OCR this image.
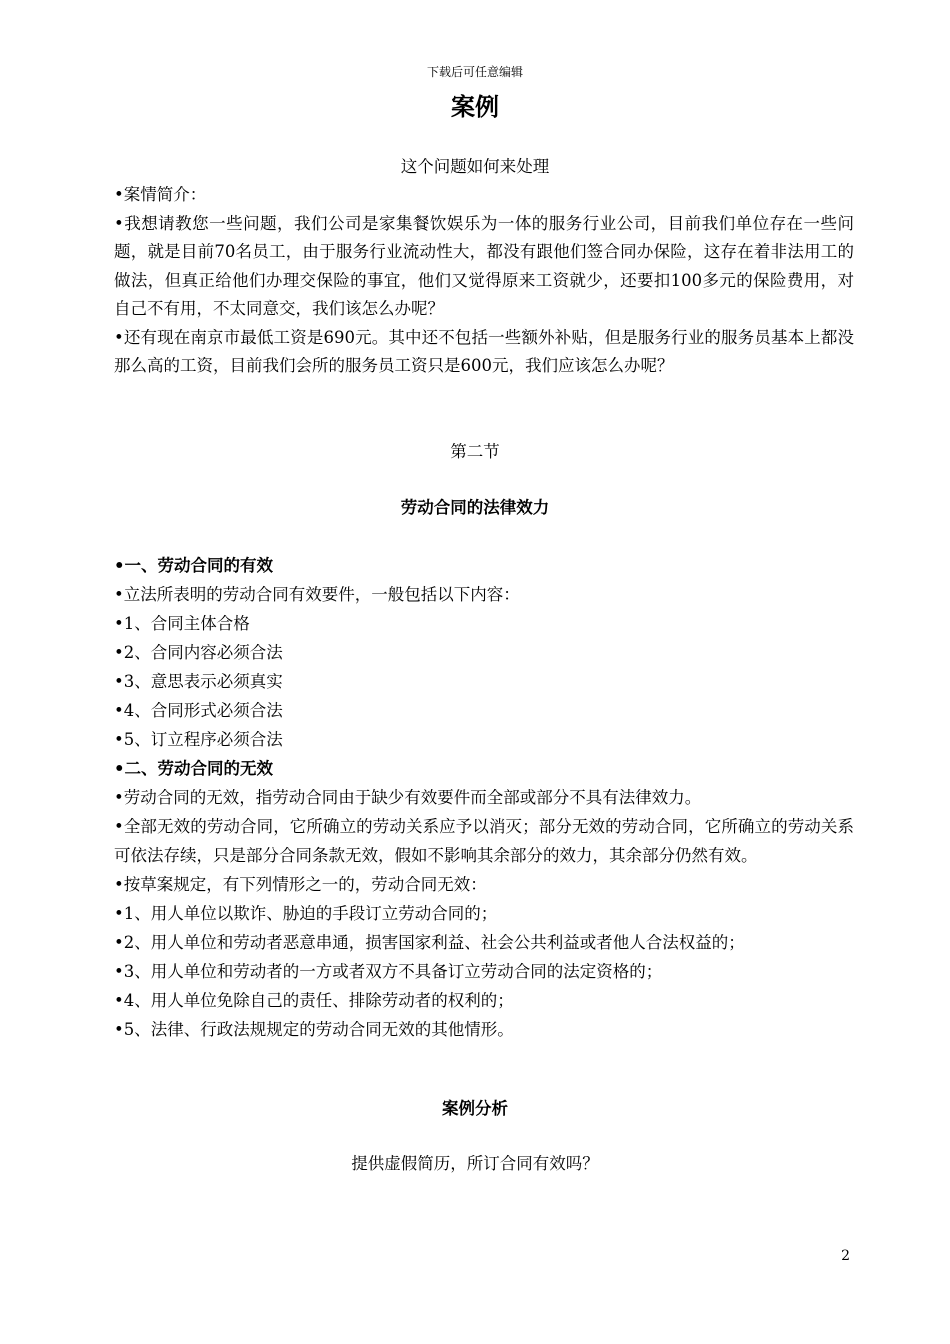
下载后可任意编辑
案例
这个问题如何来处理

•案情简介：

•我想请教您一些问题，我们公司是家集餐饮娱乐为一体的服务行业公司，目前我们单位存在一些问题，就是目前70名员工，由于服务行业流动性大，都没有跟他们签合同办保险，这存在着非法用工的做法，但真正给他们办理交保险的事宜，他们又觉得原来工资就少，还要扣100多元的保险费用，对自己不有用，不太同意交，我们该怎么办呢？

•还有现在南京市最低工资是690元。其中还不包括一些额外补贴，但是服务行业的服务员基本上都没那么高的工资，目前我们会所的服务员工资只是600元，我们应该怎么办呢？

第二节
劳动合同的法律效力

•一、劳动合同的有效

•立法所表明的劳动合同有效要件，一般包括以下内容：

•1、合同主体合格

•2、合同内容必须合法

•3、意思表示必须真实

•4、合同形式必须合法

•5、订立程序必须合法

•二、劳动合同的无效

•劳动合同的无效，指劳动合同由于缺少有效要件而全部或部分不具有法律效力。

•全部无效的劳动合同，它所确立的劳动关系应予以消灭；部分无效的劳动合同，它所确立的劳动关系可依法存续，只是部分合同条款无效，假如不影响其余部分的效力，其余部分仍然有效。

•按草案规定，有下列情形之一的，劳动合同无效：

•1、用人单位以欺诈、胁迫的手段订立劳动合同的；

•2、用人单位和劳动者恶意串通，损害国家利益、社会公共利益或者他人合法权益的；

•3、用人单位和劳动者的一方或者双方不具备订立劳动合同的法定资格的；

•4、用人单位免除自己的责任、排除劳动者的权利的；

•5、法律、行政法规规定的劳动合同无效的其他情形。

案例分析
提供虚假简历，所订合同有效吗？
2
